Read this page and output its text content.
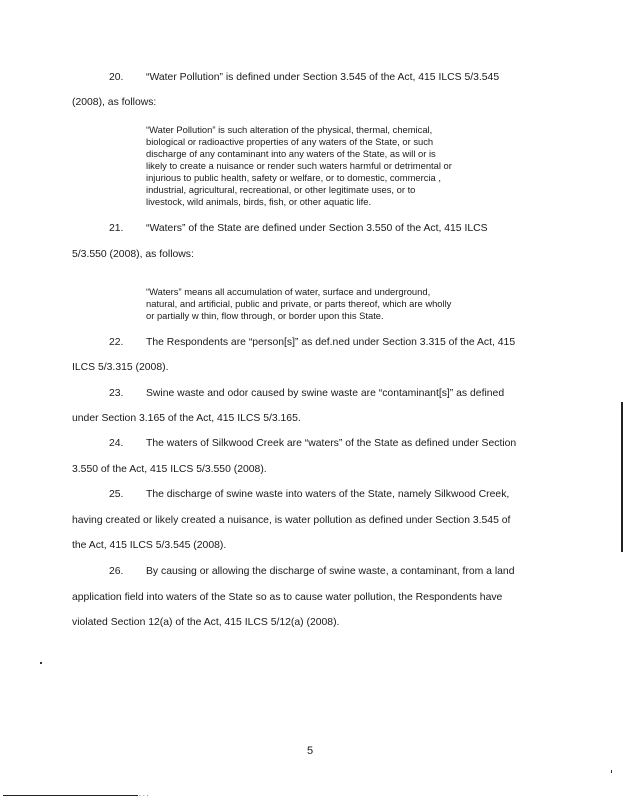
20. “Water Pollution” is defined under Section 3.545 of the Act, 415 ILCS 5/3.545
(2008), as follows:
“Water Pollution” is such alteration of the physical, thermal, chemical,
biological or radioactive properties of any waters of the State, or such
discharge of any contaminant into any waters of the State, as will or is
likely to create a nuisance or render such waters harmful or detrimental or
injurious to public health, safety or welfare, or to domestic, commercia ,
industrial, agricultural, recreational, or other legitimate uses, or to
livestock, wild animals, birds, fish, or other aquatic life.
21. “Waters” of the State are defined under Section 3.550 of the Act, 415 ILCS
5/3.550 (2008), as follows:
“Waters” means all accumulation of water, surface and underground,
natural, and artificial, public and private, or parts thereof, which are wholly
or partially w thin, flow through, or border upon this State.
22. The Respondents are “person[s]” as def.ned under Section 3.315 of the Act, 415
ILCS 5/3.315 (2008).
23. Swine waste and odor caused by swine waste are “contaminant[s]” as defined
under Section 3.165 of the Act, 415 ILCS 5/3.165.
24. The waters of Silkwood Creek are “waters” of the State as defined under Section
3.550 of the Act, 415 ILCS 5/3.550 (2008).
25. The discharge of swine waste into waters of the State, namely Silkwood Creek,
having created or likely created a nuisance, is water pollution as defined under Section 3.545 of
the Act, 415 ILCS 5/3.545 (2008).
26. By causing or allowing the discharge of swine waste, a contaminant, from a land
application field into waters of the State so as to cause water pollution, the Respondents have
violated Section 12(a) of the Act, 415 ILCS 5/12(a) (2008).
5
. . .
